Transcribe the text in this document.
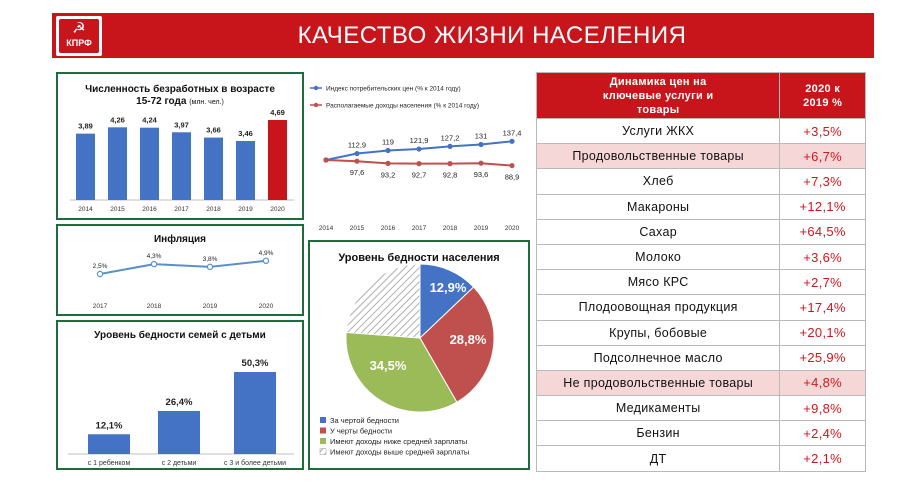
☭
КПРФ	КАЧЕСТВО ЖИЗНИ НАСЕЛЕНИЯ
Численность безработных в возрасте 15-72 года (млн. чел.)
3,89
2014
4,26
2015
4,24
2016
3,97
2017
3,66
2018
3,46
2019
4,69
2020
Индекс потребительских цен (% к 2014 году)
Располагаемые доходы населения (% к 2014 году)
112,9 119 121,9 127,2 131 137,4
97,6 93,2 92,7 92,8 93,6 88,9
2014	2015	2016	2017	2018	2019	2020
Инфляция
2,5%
2017
4,3%
2018
3,8%
2019
4,9%
2020
Уровень бедности семей с детьми
12,1%
с 1 ребенком
26,4%
с 2 детьми
50,3%
с 3 и более детьми
Уровень бедности населения
12,9%
28,8%
34,5%
За чертой бедности
У черты бедности
Имеют доходы ниже средней зарплаты
Имеют доходы выше средней зарплаты
Динамика цен на ключевые услуги и товары	2020 к 2019 %
Услуги ЖКХ	+3,5%
Продовольственные товары	+6,7%
Хлеб	+7,3%
Макароны	+12,1%
Сахар	+64,5%
Молоко	+3,6%
Мясо КРС	+2,7%
Плодоовощная продукция	+17,4%
Крупы, бобовые	+20,1%
Подсолнечное масло	+25,9%
Не продовольственные товары	+4,8%
Медикаменты	+9,8%
Бензин	+2,4%
ДТ	+2,1%
